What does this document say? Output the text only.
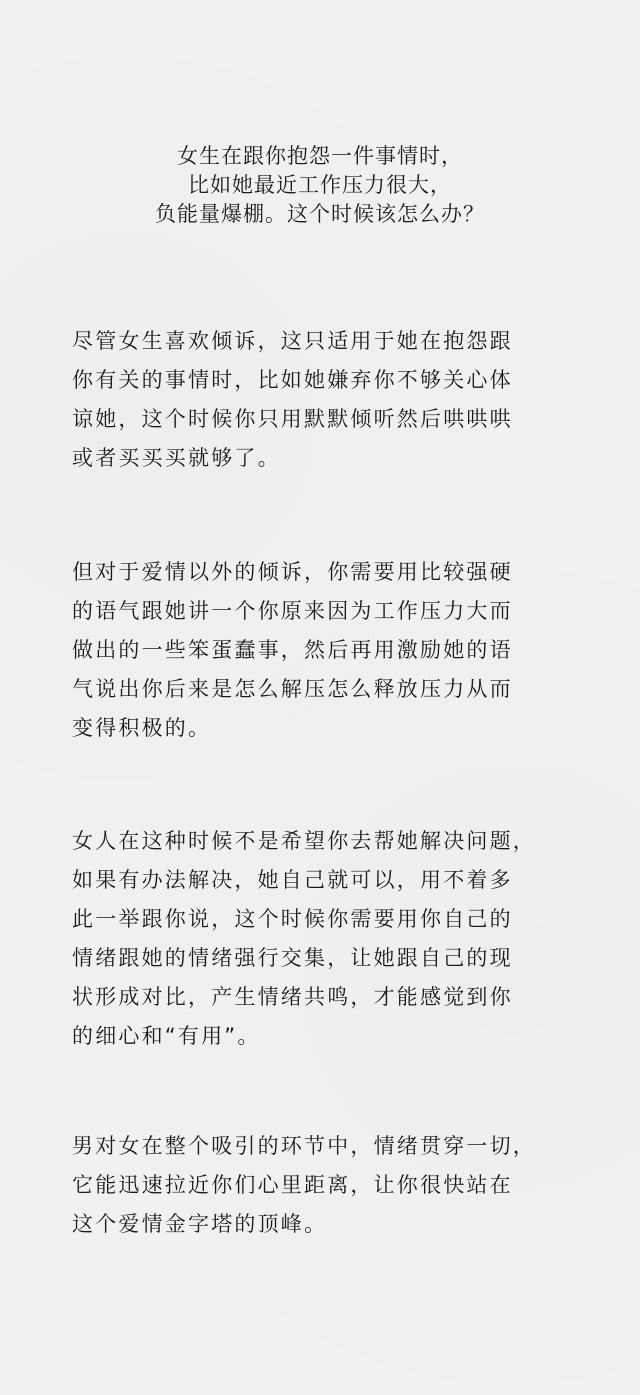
女生在跟你抱怨一件事情时，
比如她最近工作压力很大，
负能量爆棚。这个时候该怎么办？
尽管女生喜欢倾诉，这只适用于她在抱怨跟
你有关的事情时，比如她嫌弃你不够关心体
谅她，这个时候你只用默默倾听然后哄哄哄
或者买买买就够了。
但对于爱情以外的倾诉，你需要用比较强硬
的语气跟她讲一个你原来因为工作压力大而
做出的一些笨蛋蠢事，然后再用激励她的语
气说出你后来是怎么解压怎么释放压力从而
变得积极的。
女人在这种时候不是希望你去帮她解决问题，
如果有办法解决，她自己就可以，用不着多
此一举跟你说，这个时候你需要用你自己的
情绪跟她的情绪强行交集，让她跟自己的现
状形成对比，产生情绪共鸣，才能感觉到你
的细心和“有用”。
男对女在整个吸引的环节中，情绪贯穿一切，
它能迅速拉近你们心里距离，让你很快站在
这个爱情金字塔的顶峰。
